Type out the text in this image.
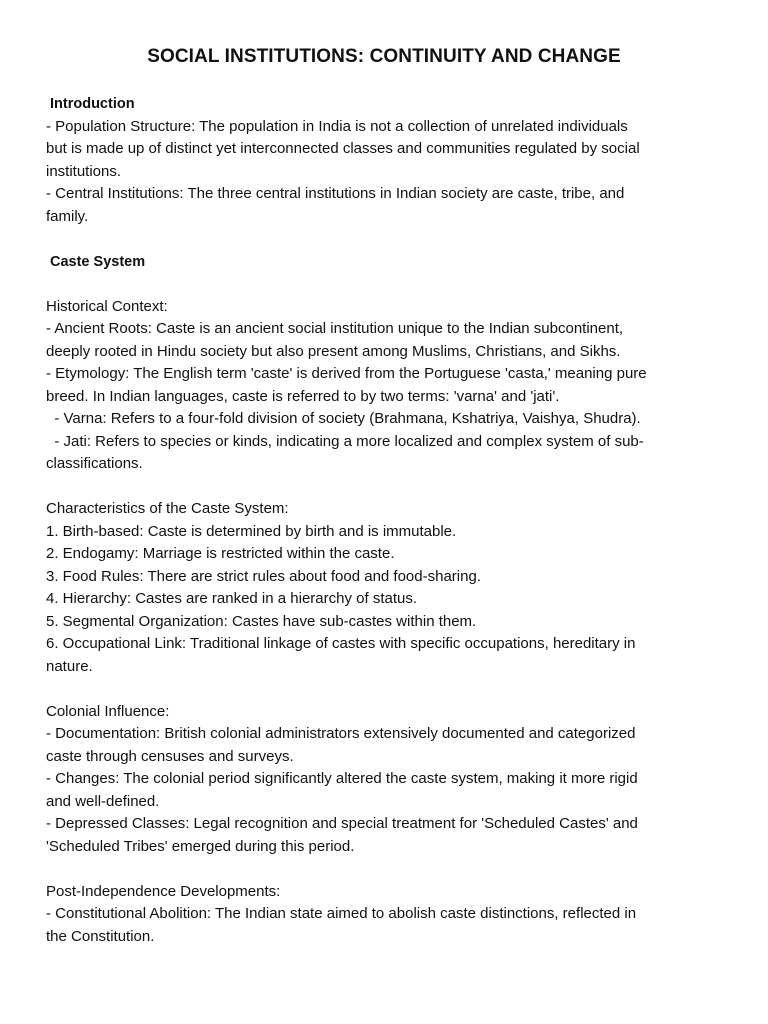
SOCIAL INSTITUTIONS: CONTINUITY AND CHANGE
Introduction
- Population Structure: The population in India is not a collection of unrelated individuals
but is made up of distinct yet interconnected classes and communities regulated by social
institutions.
- Central Institutions: The three central institutions in Indian society are caste, tribe, and
family.
Caste System
Historical Context:
- Ancient Roots: Caste is an ancient social institution unique to the Indian subcontinent,
deeply rooted in Hindu society but also present among Muslims, Christians, and Sikhs.
- Etymology: The English term 'caste' is derived from the Portuguese 'casta,' meaning pure
breed. In Indian languages, caste is referred to by two terms: 'varna' and 'jati'.
- Varna: Refers to a four-fold division of society (Brahmana, Kshatriya, Vaishya, Shudra).
- Jati: Refers to species or kinds, indicating a more localized and complex system of sub-
classifications.
Characteristics of the Caste System:
1. Birth-based: Caste is determined by birth and is immutable.
2. Endogamy: Marriage is restricted within the caste.
3. Food Rules: There are strict rules about food and food-sharing.
4. Hierarchy: Castes are ranked in a hierarchy of status.
5. Segmental Organization: Castes have sub-castes within them.
6. Occupational Link: Traditional linkage of castes with specific occupations, hereditary in
nature.
Colonial Influence:
- Documentation: British colonial administrators extensively documented and categorized
caste through censuses and surveys.
- Changes: The colonial period significantly altered the caste system, making it more rigid
and well-defined.
- Depressed Classes: Legal recognition and special treatment for 'Scheduled Castes' and
'Scheduled Tribes' emerged during this period.
Post-Independence Developments:
- Constitutional Abolition: The Indian state aimed to abolish caste distinctions, reflected in
the Constitution.
